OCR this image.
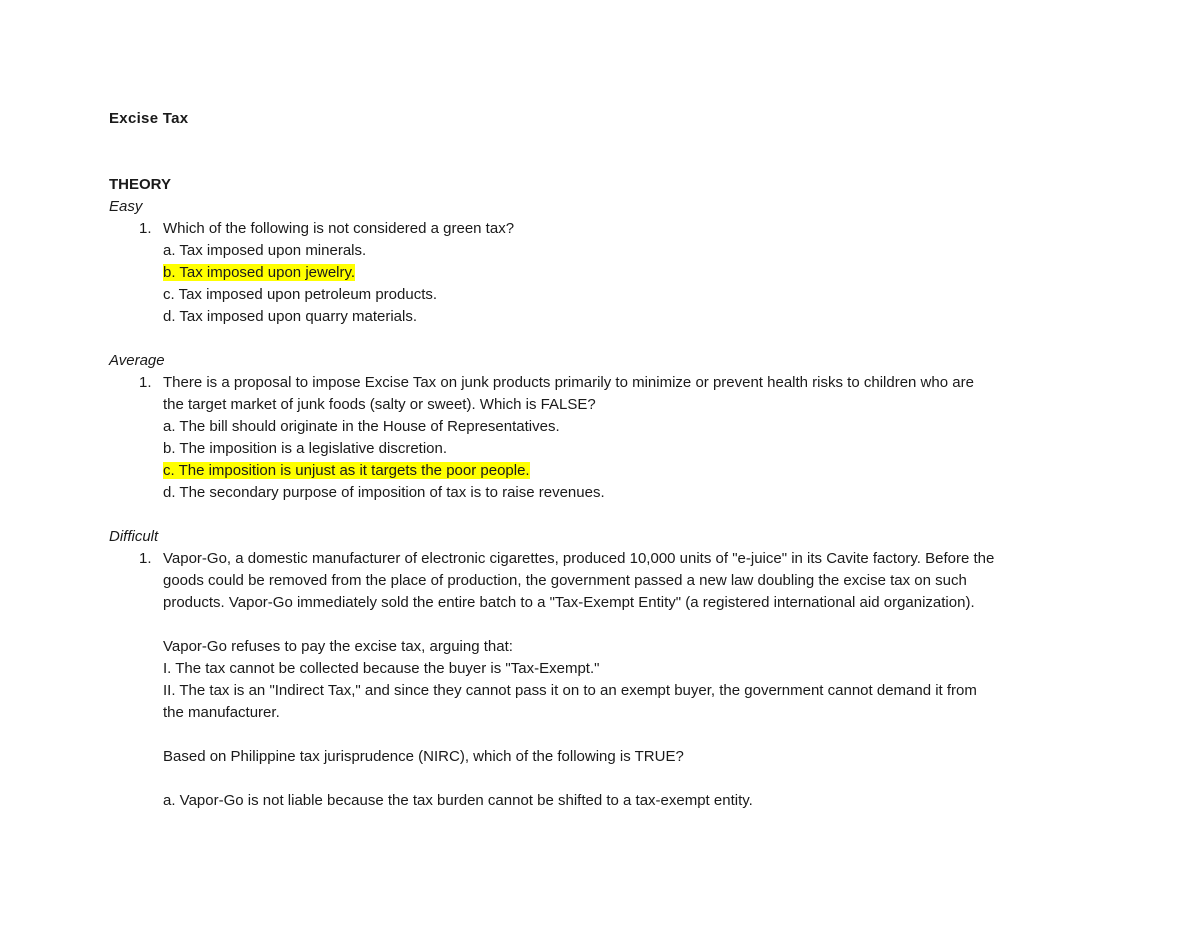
Excise Tax

THEORY

Easy

1. Which of the following is not considered a green tax?
a. Tax imposed upon minerals.
b. Tax imposed upon jewelry.
c. Tax imposed upon petroleum products.
d. Tax imposed upon quarry materials.

Average

1. There is a proposal to impose Excise Tax on junk products primarily to minimize or prevent health risks to children who are
the target market of junk foods (salty or sweet). Which is FALSE?
a. The bill should originate in the House of Representatives.
b. The imposition is a legislative discretion.
c. The imposition is unjust as it targets the poor people.
d. The secondary purpose of imposition of tax is to raise revenues.

Difficult

1. Vapor-Go, a domestic manufacturer of electronic cigarettes, produced 10,000 units of "e-juice" in its Cavite factory. Before the
goods could be removed from the place of production, the government passed a new law doubling the excise tax on such
products. Vapor-Go immediately sold the entire batch to a "Tax-Exempt Entity" (a registered international aid organization).
Vapor-Go refuses to pay the excise tax, arguing that:
I. The tax cannot be collected because the buyer is "Tax-Exempt."
II. The tax is an "Indirect Tax," and since they cannot pass it on to an exempt buyer, the government cannot demand it from
the manufacturer.
Based on Philippine tax jurisprudence (NIRC), which of the following is TRUE?
a. Vapor-Go is not liable because the tax burden cannot be shifted to a tax-exempt entity.
